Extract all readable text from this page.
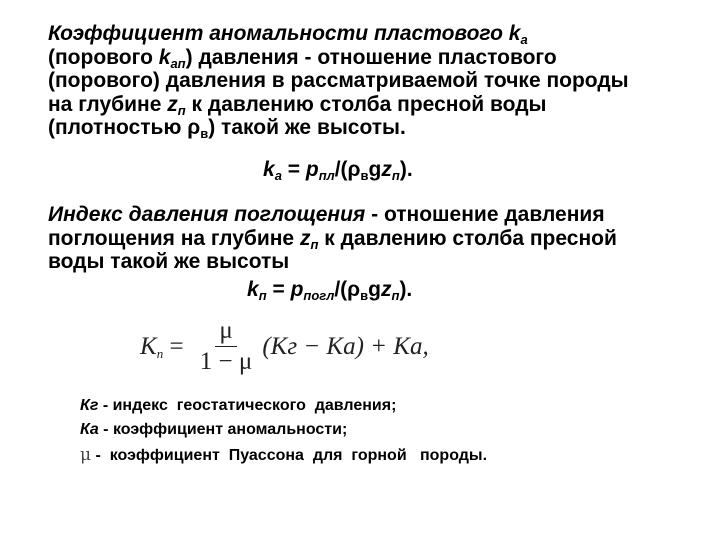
Коэффициент аномальности пластового $k_а$
(порового $k_{ап}$) давления - отношение пластового (порового) давления в рассматриваемой точке породы на глубине $z_п$ к давлению столба пресной воды (плотностью $\rho_в$) такой же высоты.
$k_а = р_{пл}/(\rho_вgz_п)$.
Индекс давления поглощения - отношение давления поглощения на глубине $z_п$ к давлению столба пресной воды такой же высоты
$k_п = р_{погл}/(\rho_вgz_п)$.
$K_п = \frac{\mu}{1 - \mu} (Kг - Ka) + Ka$,
Кг - индекс  геостатического  давления;
Ка - коэффициент аномальности;
μ -  коэффициент  Пуассона  для  горной   породы.
